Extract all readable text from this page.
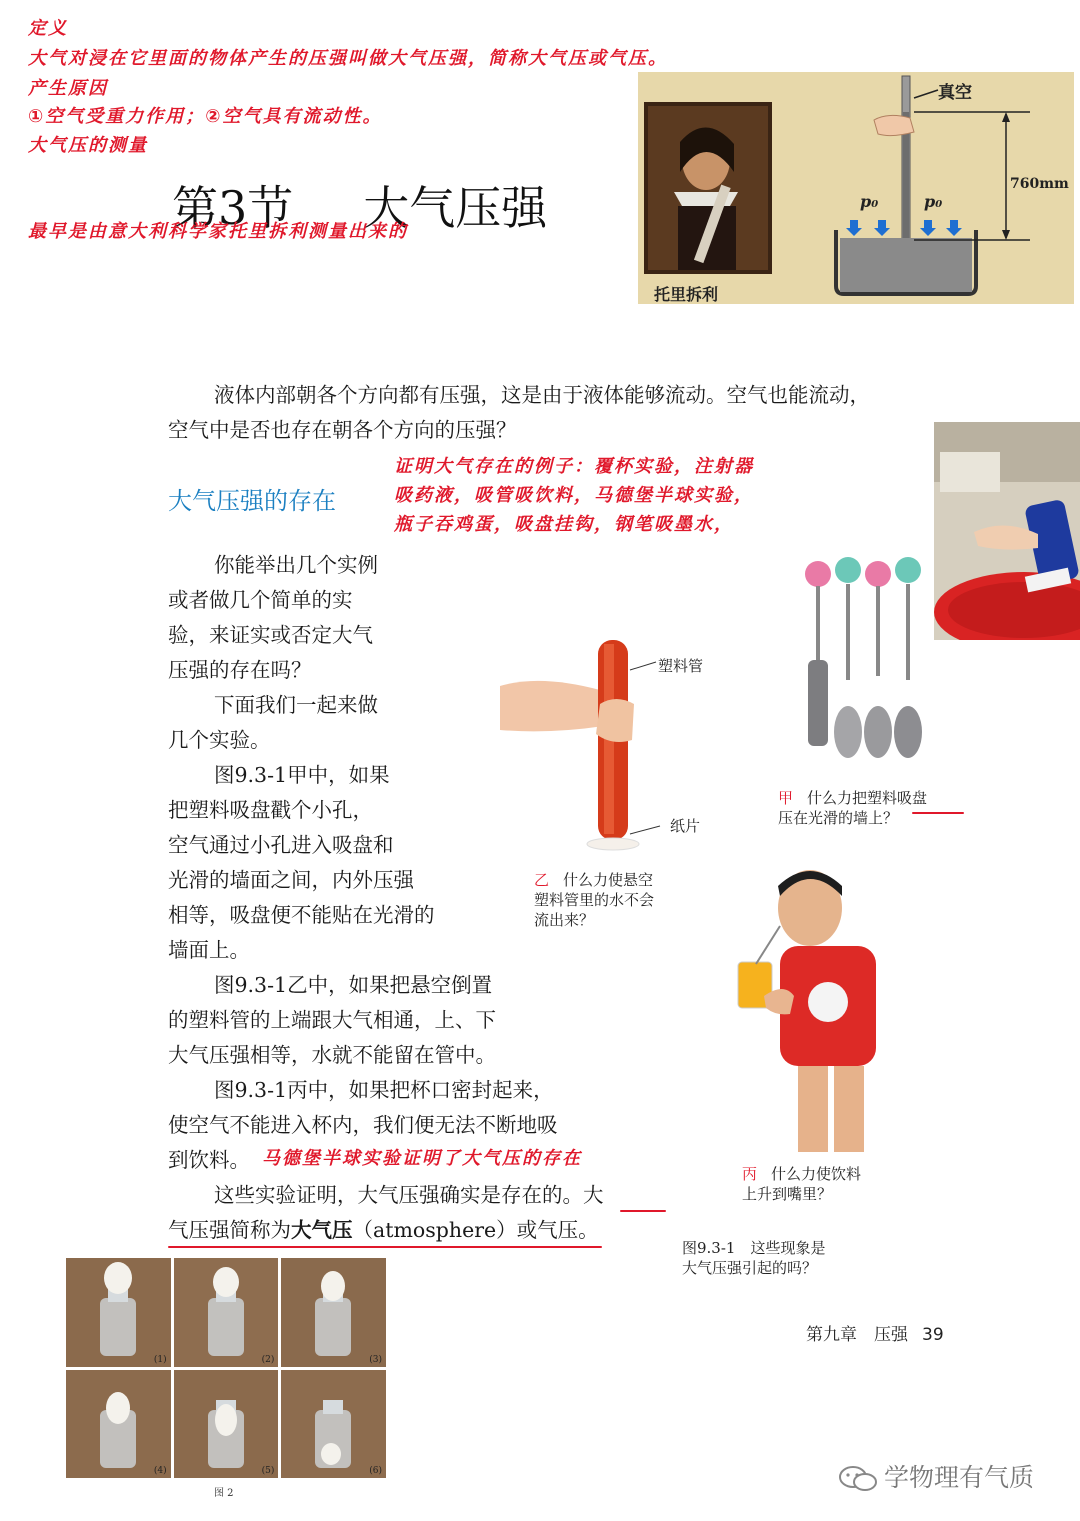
定义
大气对浸在它里面的物体产生的压强叫做大气压强，简称大气压或气压。
产生原因
①空气受重力作用；②空气具有流动性。
大气压的测量
第3节 大气压强
最早是由意大利科学家托里拆利测量出来的
真空
760mm
p₀	p₀
托里拆利
液体内部朝各个方向都有压强，这是由于液体能够流动。空气也能流动，
空气中是否也存在朝各个方向的压强？
大气压强的存在
证明大气存在的例子：覆杯实验，注射器
吸药液，吸管吸饮料，马德堡半球实验，
瓶子吞鸡蛋，吸盘挂钩，钢笔吸墨水，
你能举出几个实例
或者做几个简单的实
验，来证实或否定大气
压强的存在吗？
下面我们一起来做
几个实验。
图9.3-1甲中，如果
把塑料吸盘戳个小孔，
空气通过小孔进入吸盘和
光滑的墙面之间，内外压强
相等，吸盘便不能贴在光滑的
墙面上。
图9.3-1乙中，如果把悬空倒置
的塑料管的上端跟大气相通，上、下
大气压强相等，水就不能留在管中。
图9.3-1丙中，如果把杯口密封起来，
使空气不能进入杯内，我们便无法不断地吸
到饮料。 马德堡半球实验证明了大气压的存在
这些实验证明，大气压强确实是存在的。大
气压强简称为大气压（atmosphere）或气压。
甲 什么力把塑料吸盘
压在光滑的墙上？
塑料管
纸片
乙 什么力使悬空
塑料管里的水不会
流出来？
丙 什么力使饮料
上升到嘴里？
图9.3-1　这些现象是
大气压强引起的吗？
第九章　压强 39
(1)	(2)	(3)
(4)	(5)	(6)
图 2
学物理有气质
